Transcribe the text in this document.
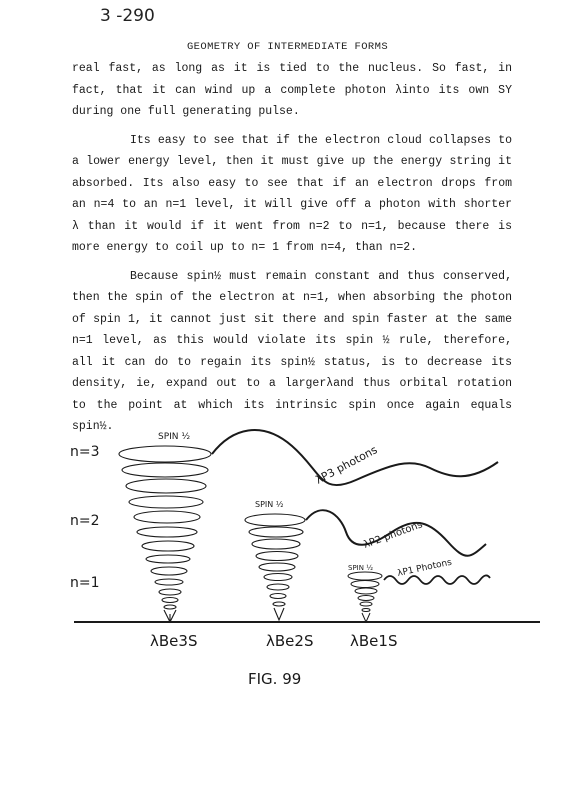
3 -290
GEOMETRY OF INTERMEDIATE FORMS

real fast, as long as it is tied to the nucleus. So fast, in fact, that it can wind up a complete photon λinto its own SY during one full generating pulse.

Its easy to see that if the electron cloud collapses to a lower energy level, then it must give up the energy string it absorbed. Its also easy to see that if an electron drops from an n=4 to an n=1 level, it will give off a photon with shorter λ than it would if it went from n=2 to n=1, because there is more energy to coil up to n= 1 from n=4, than n=2.

Because spin½ must remain constant and thus conserved, then the spin of the electron at n=1, when absorbing the photon of spin 1, it cannot just sit there and spin faster at the same n=1 level, as this would violate its spin ½ rule, therefore, all it can do to regain its spin½ status, is to decrease its density, ie, expand out to a largerλand thus orbital rotation to the point at which its intrinsic spin once again equals spin½.

n=3
n=2
n=1
SPIN ½
SPIN ½
SPIN ½
λP3 photons
λP2 photons
λP1 Photons
λBe3S	λBe2S λBe1S
FIG. 99
